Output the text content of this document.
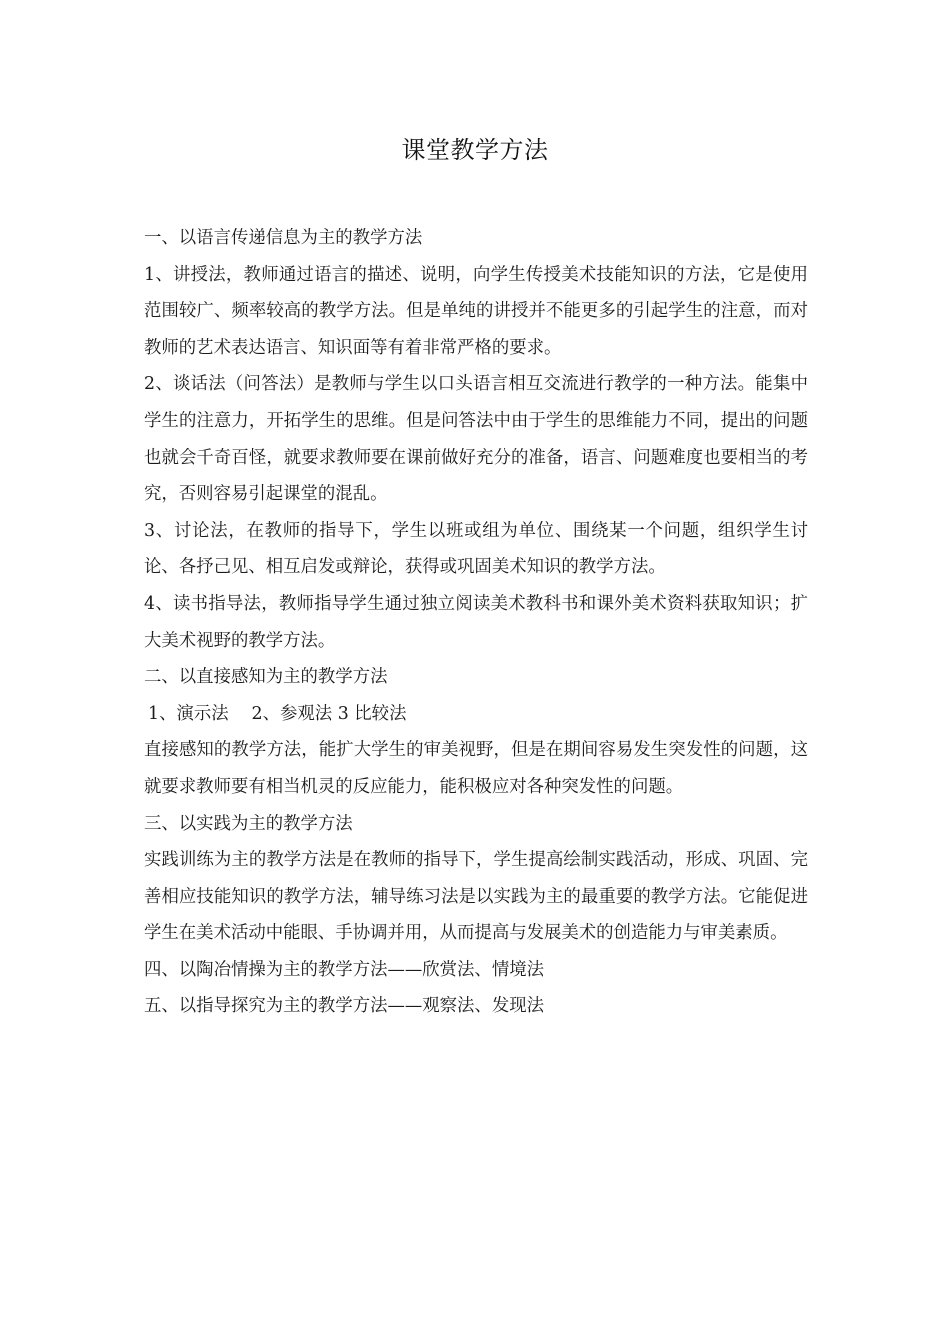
课堂教学方法

一、以语言传递信息为主的教学方法

1、讲授法，教师通过语言的描述、说明，向学生传授美术技能知识的方法，它是使用范围较广、频率较高的教学方法。但是单纯的讲授并不能更多的引起学生的注意，而对教师的艺术表达语言、知识面等有着非常严格的要求。

2、谈话法（问答法）是教师与学生以口头语言相互交流进行教学的一种方法。能集中学生的注意力，开拓学生的思维。但是问答法中由于学生的思维能力不同，提出的问题也就会千奇百怪，就要求教师要在课前做好充分的准备，语言、问题难度也要相当的考究，否则容易引起课堂的混乱。

3、讨论法，在教师的指导下，学生以班或组为单位、围绕某一个问题，组织学生讨论、各抒己见、相互启发或辩论，获得或巩固美术知识的教学方法。

4、读书指导法，教师指导学生通过独立阅读美术教科书和课外美术资料获取知识；扩大美术视野的教学方法。

二、以直接感知为主的教学方法

1、演示法　 2、参观法 3 比较法

直接感知的教学方法，能扩大学生的审美视野，但是在期间容易发生突发性的问题，这就要求教师要有相当机灵的反应能力，能积极应对各种突发性的问题。

三、以实践为主的教学方法

实践训练为主的教学方法是在教师的指导下，学生提高绘制实践活动，形成、巩固、完善相应技能知识的教学方法，辅导练习法是以实践为主的最重要的教学方法。它能促进学生在美术活动中能眼、手协调并用，从而提高与发展美术的创造能力与审美素质。

四、以陶冶情操为主的教学方法——欣赏法、情境法

五、以指导探究为主的教学方法——观察法、发现法
